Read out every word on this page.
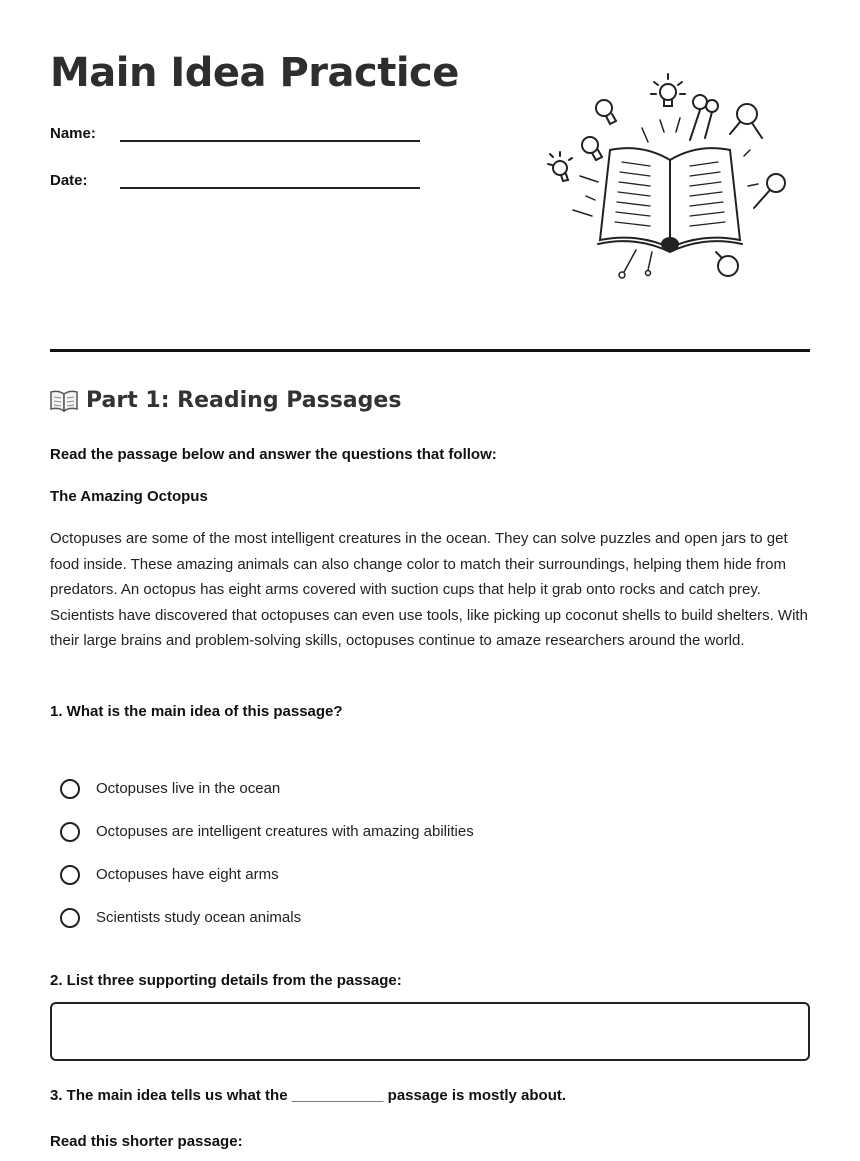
Main Idea Practice
Name:
Date:
Part 1: Reading Passages

Read the passage below and answer the questions that follow:

The Amazing Octopus

Octopuses are some of the most intelligent creatures in the ocean. They can solve puzzles and open jars to get food inside. These amazing animals can also change color to match their surroundings, helping them hide from predators. An octopus has eight arms covered with suction cups that help it grab onto rocks and catch prey. Scientists have discovered that octopuses can even use tools, like picking up coconut shells to build shelters. With their large brains and problem-solving skills, octopuses continue to amaze researchers around the world.

1. What is the main idea of this passage?

Octopuses live in the ocean
Octopuses are intelligent creatures with amazing abilities
Octopuses have eight arms
Scientists study ocean animals

2. List three supporting details from the passage:

3. The main idea tells us what the ___________ passage is mostly about.

Read this shorter passage:
